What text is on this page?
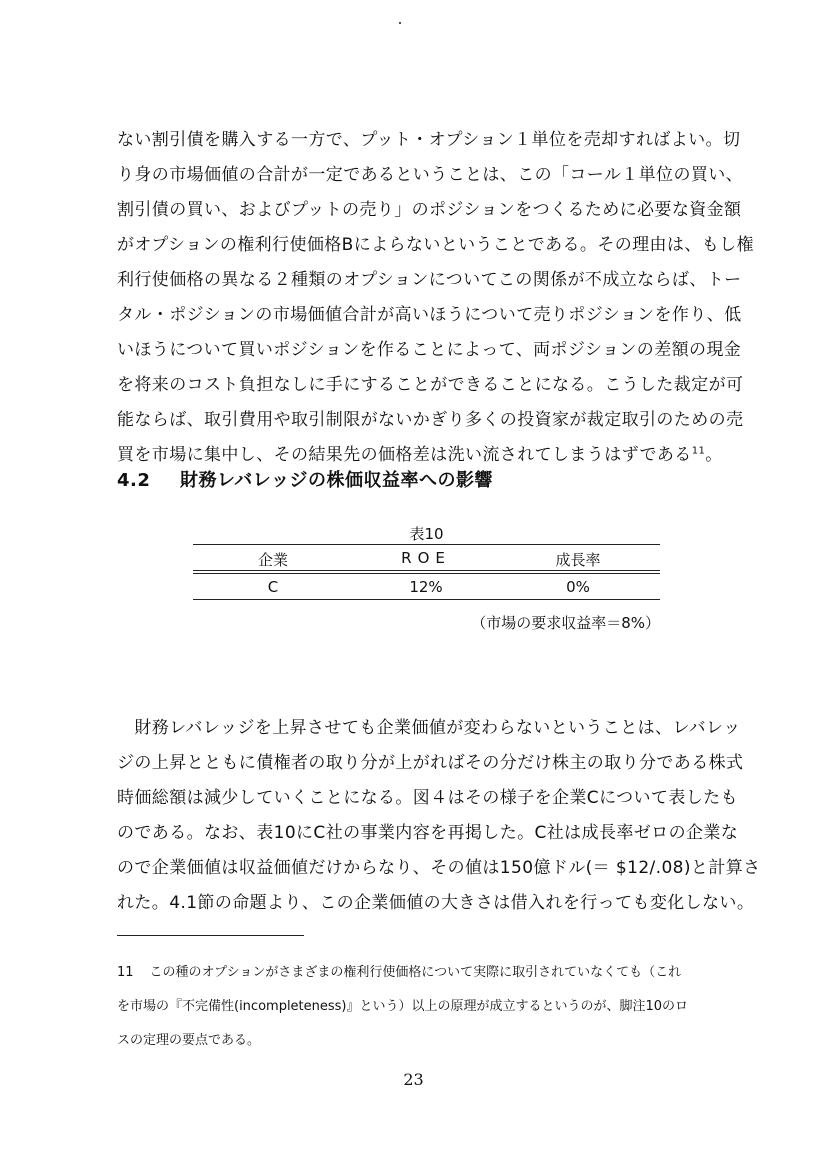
ない割引債を購入する一方で、プット・オプション１単位を売却すればよい。切
り身の市場価値の合計が一定であるということは、この「コール１単位の買い、
割引債の買い、およびプットの売り」のポジションをつくるために必要な資金額
がオプションの権利行使価格Bによらないということである。その理由は、もし権
利行使価格の異なる２種類のオプションについてこの関係が不成立ならば、トー
タル・ポジションの市場価値合計が高いほうについて売りポジションを作り、低
いほうについて買いポジションを作ることによって、両ポジションの差額の現金
を将来のコスト負担なしに手にすることができることになる。こうした裁定が可
能ならば、取引費用や取引制限がないかぎり多くの投資家が裁定取引のための売
買を市場に集中し、その結果先の価格差は洗い流されてしまうはずである$^{11}$。
4.2 財務レバレッジの株価収益率への影響
表10
企業	ROE	成長率
C	12%	0%
（市場の要求収益率＝8%）
　財務レバレッジを上昇させても企業価値が変わらないということは、レバレッ
ジの上昇とともに債権者の取り分が上がればその分だけ株主の取り分である株式
時価総額は減少していくことになる。図４はその様子を企業Cについて表したも
のである。なお、表10にC社の事業内容を再掲した。C社は成長率ゼロの企業な
ので企業価値は収益価値だけからなり、その値は150億ドル(＝ $12/.08)と計算さ
れた。4.1節の命題より、この企業価値の大きさは借入れを行っても変化しない。
11 この種のオプションがさまざまの権利行使価格について実際に取引されていなくても（これ
を市場の『不完備性(incompleteness)』という）以上の原理が成立するというのが、脚注10のロ
スの定理の要点である。
23
